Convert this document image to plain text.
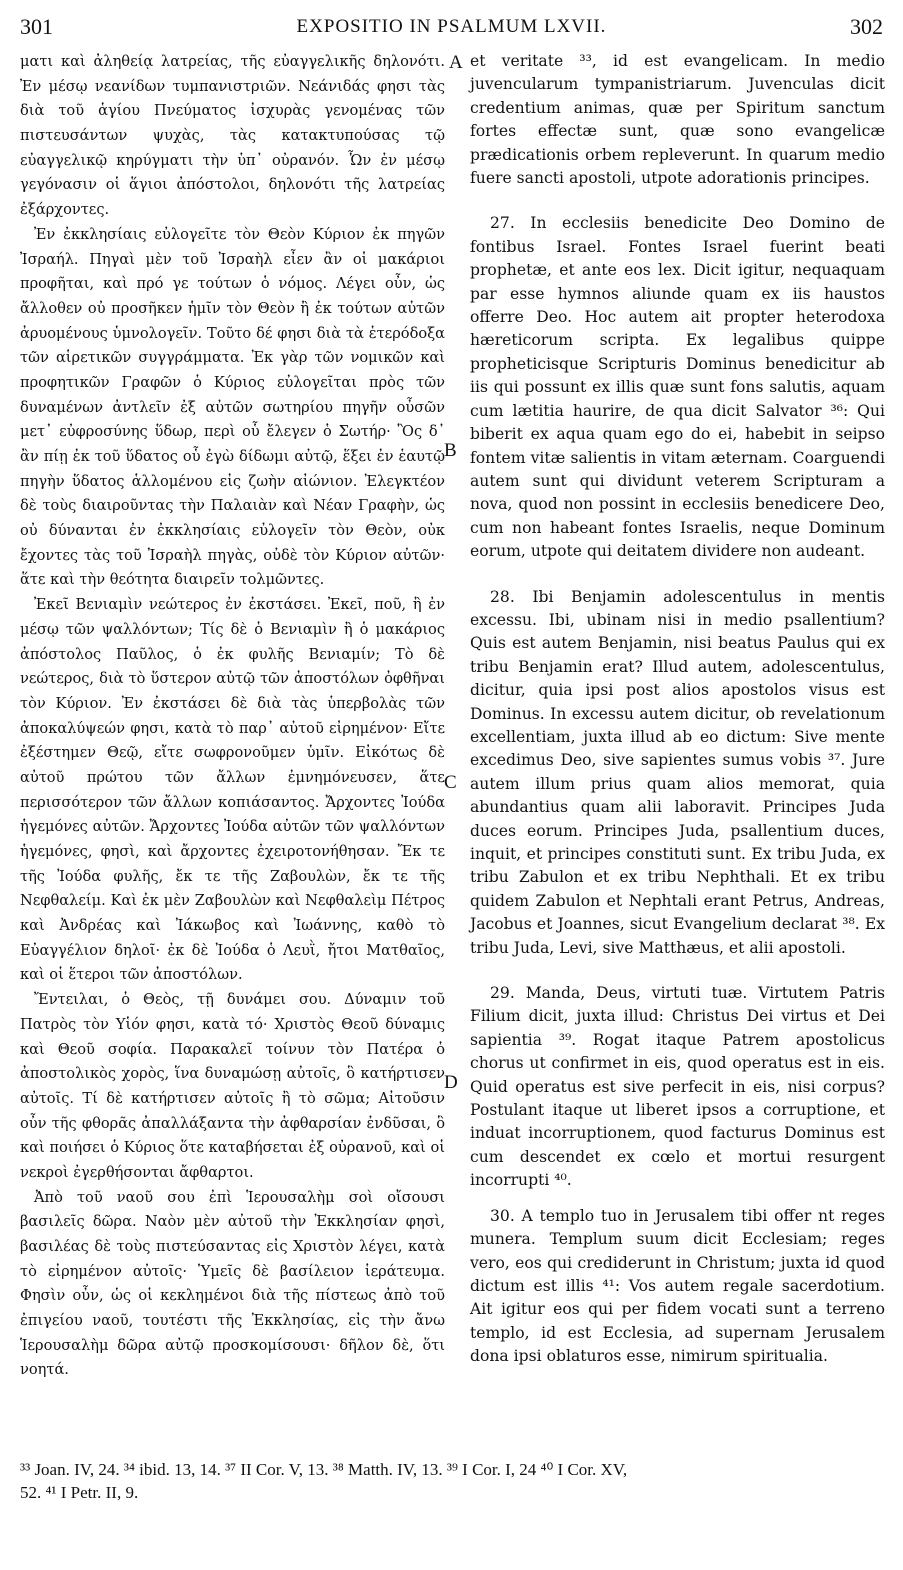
301	EXPOSITIO IN PSALMUM LXVII.	302
A
B
C
D

ματι καὶ ἀληθείᾳ λατρείας, τῆς εὐαγγελικῆς δηλονότι. Ἐν μέσῳ νεανίδων τυμπανιστριῶν. Νεάνιδάς φησι τὰς διὰ τοῦ ἁγίου Πνεύματος ἰσχυρὰς γενομένας τῶν πιστευσάντων ψυχὰς, τὰς κατακτυπούσας τῷ εὐαγγελικῷ κηρύγματι τὴν ὑπ᾽ οὐρανόν. Ὧν ἐν μέσῳ γεγόνασιν οἱ ἅγιοι ἀπόστολοι, δηλονότι τῆς λατρείας ἐξάρχοντες.

Ἐν ἐκκλησίαις εὐλογεῖτε τὸν Θεὸν Κύριον ἐκ πηγῶν Ἰσραήλ. Πηγαὶ μὲν τοῦ Ἰσραὴλ εἶεν ἂν οἱ μακάριοι προφῆται, καὶ πρό γε τούτων ὁ νόμος. Λέγει οὖν, ὡς ἄλλοθεν οὐ προσῆκεν ἡμῖν τὸν Θεὸν ἢ ἐκ τούτων αὐτῶν ἀρυομένους ὑμνολογεῖν. Τοῦτο δέ φησι διὰ τὰ ἑτερόδοξα τῶν αἱρετικῶν συγγράμματα. Ἐκ γὰρ τῶν νομικῶν καὶ προφητικῶν Γραφῶν ὁ Κύριος εὐλογεῖται πρὸς τῶν δυναμένων ἀντλεῖν ἐξ αὐτῶν σωτηρίου πηγῆν οὖσῶν μετ᾽ εὐφροσύνης ὕδωρ, περὶ οὗ ἔλεγεν ὁ Σωτήρ· Ὃς δ᾽ ἂν πίῃ ἐκ τοῦ ὕδατος οὗ ἐγὼ δίδωμι αὐτῷ, ἕξει ἐν ἑαυτῷ πηγὴν ὕδατος ἁλλομένου εἰς ζωὴν αἰώνιον. Ἐλεγκτέον δὲ τοὺς διαιροῦντας τὴν Παλαιὰν καὶ Νέαν Γραφὴν, ὡς οὐ δύνανται ἐν ἐκκλησίαις εὐλογεῖν τὸν Θεὸν, οὐκ ἔχοντες τὰς τοῦ Ἰσραὴλ πηγὰς, οὐδὲ τὸν Κύριον αὐτῶν· ἅτε καὶ τὴν θεότητα διαιρεῖν τολμῶντες.

Ἐκεῖ Βενιαμὶν νεώτερος ἐν ἐκστάσει. Ἐκεῖ, ποῦ, ἢ ἐν μέσῳ τῶν ψαλλόντων; Τίς δὲ ὁ Βενιαμὶν ἢ ὁ μακάριος ἀπόστολος Παῦλος, ὁ ἐκ φυλῆς Βενιαμίν; Τὸ δὲ νεώτερος, διὰ τὸ ὕστερον αὐτῷ τῶν ἀποστόλων ὀφθῆναι τὸν Κύριον. Ἐν ἐκστάσει δὲ διὰ τὰς ὑπερβολὰς τῶν ἀποκαλύψεών φησι, κατὰ τὸ παρ᾽ αὐτοῦ εἰρημένον· Εἴτε ἐξέστημεν Θεῷ, εἴτε σωφρονοῦμεν ὑμῖν. Εἰκότως δὲ αὐτοῦ πρώτου τῶν ἄλλων ἐμνημόνευσεν, ἅτε περισσότερον τῶν ἄλλων κοπιάσαντος. Ἄρχοντες Ἰούδα ἡγεμόνες αὐτῶν. Ἄρχοντες Ἰούδα αὐτῶν τῶν ψαλλόντων ἡγεμόνες, φησὶ, καὶ ἄρχοντες ἐχειροτονήθησαν. Ἔκ τε τῆς Ἰούδα φυλῆς, ἔκ τε τῆς Ζαβουλὼν, ἔκ τε τῆς Νεφθαλείμ. Καὶ ἐκ μὲν Ζαβουλὼν καὶ Νεφθαλεὶμ Πέτρος καὶ Ἀνδρέας καὶ Ἰάκωβος καὶ Ἰωάννης, καθὸ τὸ Εὐαγγέλιον δηλοῖ· ἐκ δὲ Ἰούδα ὁ Λευῒ, ἤτοι Ματθαῖος, καὶ οἱ ἕτεροι τῶν ἀποστόλων.

Ἔντειλαι, ὁ Θεὸς, τῇ δυνάμει σου. Δύναμιν τοῦ Πατρὸς τὸν Υἱόν φησι, κατὰ τό· Χριστὸς Θεοῦ δύναμις καὶ Θεοῦ σοφία. Παρακαλεῖ τοίνυν τὸν Πατέρα ὁ ἀποστολικὸς χορὸς, ἵνα δυναμώσῃ αὐτοῖς, ὃ κατήρτισεν αὐτοῖς. Τί δὲ κατήρτισεν αὐτοῖς ἢ τὸ σῶμα; Αἰτοῦσιν οὖν τῆς φθορᾶς ἀπαλλάξαντα τὴν ἀφθαρσίαν ἐνδῦσαι, ὃ καὶ ποιήσει ὁ Κύριος ὅτε καταβήσεται ἐξ οὐρανοῦ, καὶ οἱ νεκροὶ ἐγερθήσονται ἄφθαρτοι.

Ἀπὸ τοῦ ναοῦ σου ἐπὶ Ἱερουσαλὴμ σοὶ οἴσουσι βασιλεῖς δῶρα. Ναὸν μὲν αὐτοῦ τὴν Ἐκκλησίαν φησὶ, βασιλέας δὲ τοὺς πιστεύσαντας εἰς Χριστὸν λέγει, κατὰ τὸ εἰρημένον αὐτοῖς· Ὑμεῖς δὲ βασίλειον ἱεράτευμα. Φησὶν οὖν, ὡς οἱ κεκλημένοι διὰ τῆς πίστεως ἀπὸ τοῦ ἐπιγείου ναοῦ, τουτέστι τῆς Ἐκκλησίας, εἰς τὴν ἄνω Ἱερουσαλὴμ δῶρα αὐτῷ προσκομίσουσι· δῆλον δὲ, ὅτι νοητά.

et veritate ³³, id est evangelicam. In medio juvencularum tympanistriarum. Juvenculas dicit credentium animas, quæ per Spiritum sanctum fortes effectæ sunt, quæ sono evangelicæ prædicationis orbem repleverunt. In quarum medio fuere sancti apostoli, utpote adorationis principes.

27. In ecclesiis benedicite Deo Domino de fontibus Israel. Fontes Israel fuerint beati prophetæ, et ante eos lex. Dicit igitur, nequaquam par esse hymnos aliunde quam ex iis haustos offerre Deo. Hoc autem ait propter heterodoxa hæreticorum scripta. Ex legalibus quippe propheticisque Scripturis Dominus benedicitur ab iis qui possunt ex illis quæ sunt fons salutis, aquam cum lætitia haurire, de qua dicit Salvator ³⁶: Qui biberit ex aqua quam ego do ei, habebit in seipso fontem vitæ salientis in vitam æternam. Coarguendi autem sunt qui dividunt veterem Scripturam a nova, quod non possint in ecclesiis benedicere Deo, cum non habeant fontes Israelis, neque Dominum eorum, utpote qui deitatem dividere non audeant.

28. Ibi Benjamin adolescentulus in mentis excessu. Ibi, ubinam nisi in medio psallentium? Quis est autem Benjamin, nisi beatus Paulus qui ex tribu Benjamin erat? Illud autem, adolescentulus, dicitur, quia ipsi post alios apostolos visus est Dominus. In excessu autem dicitur, ob revelationum excellentiam, juxta illud ab eo dictum: Sive mente excedimus Deo, sive sapientes sumus vobis ³⁷. Jure autem illum prius quam alios memorat, quia abundantius quam alii laboravit. Principes Juda duces eorum. Principes Juda, psallentium duces, inquit, et principes constituti sunt. Ex tribu Juda, ex tribu Zabulon et ex tribu Nephthali. Et ex tribu quidem Zabulon et Nephtali erant Petrus, Andreas, Jacobus et Joannes, sicut Evangelium declarat ³⁸. Ex tribu Juda, Levi, sive Matthæus, et alii apostoli.

29. Manda, Deus, virtuti tuæ. Virtutem Patris Filium dicit, juxta illud: Christus Dei virtus et Dei sapientia ³⁹. Rogat itaque Patrem apostolicus chorus ut confirmet in eis, quod operatus est in eis. Quid operatus est sive perfecit in eis, nisi corpus? Postulant itaque ut liberet ipsos a corruptione, et induat incorruptionem, quod facturus Dominus est cum descendet ex cœlo et mortui resurgent incorrupti ⁴⁰.

30. A templo tuo in Jerusalem tibi offer nt reges munera. Templum suum dicit Ecclesiam; reges vero, eos qui crediderunt in Christum; juxta id quod dictum est illis ⁴¹: Vos autem regale sacerdotium. Ait igitur eos qui per fidem vocati sunt a terreno templo, id est Ecclesia, ad supernam Jerusalem dona ipsi oblaturos esse, nimirum spiritualia.

³³ Joan. IV, 24. ³⁴ ibid. 13, 14. ³⁷ II Cor. V, 13. ³⁸ Matth. IV, 13. ³⁹ I Cor. I, 24 ⁴⁰ I Cor. XV,
52. ⁴¹ I Petr. II, 9.
